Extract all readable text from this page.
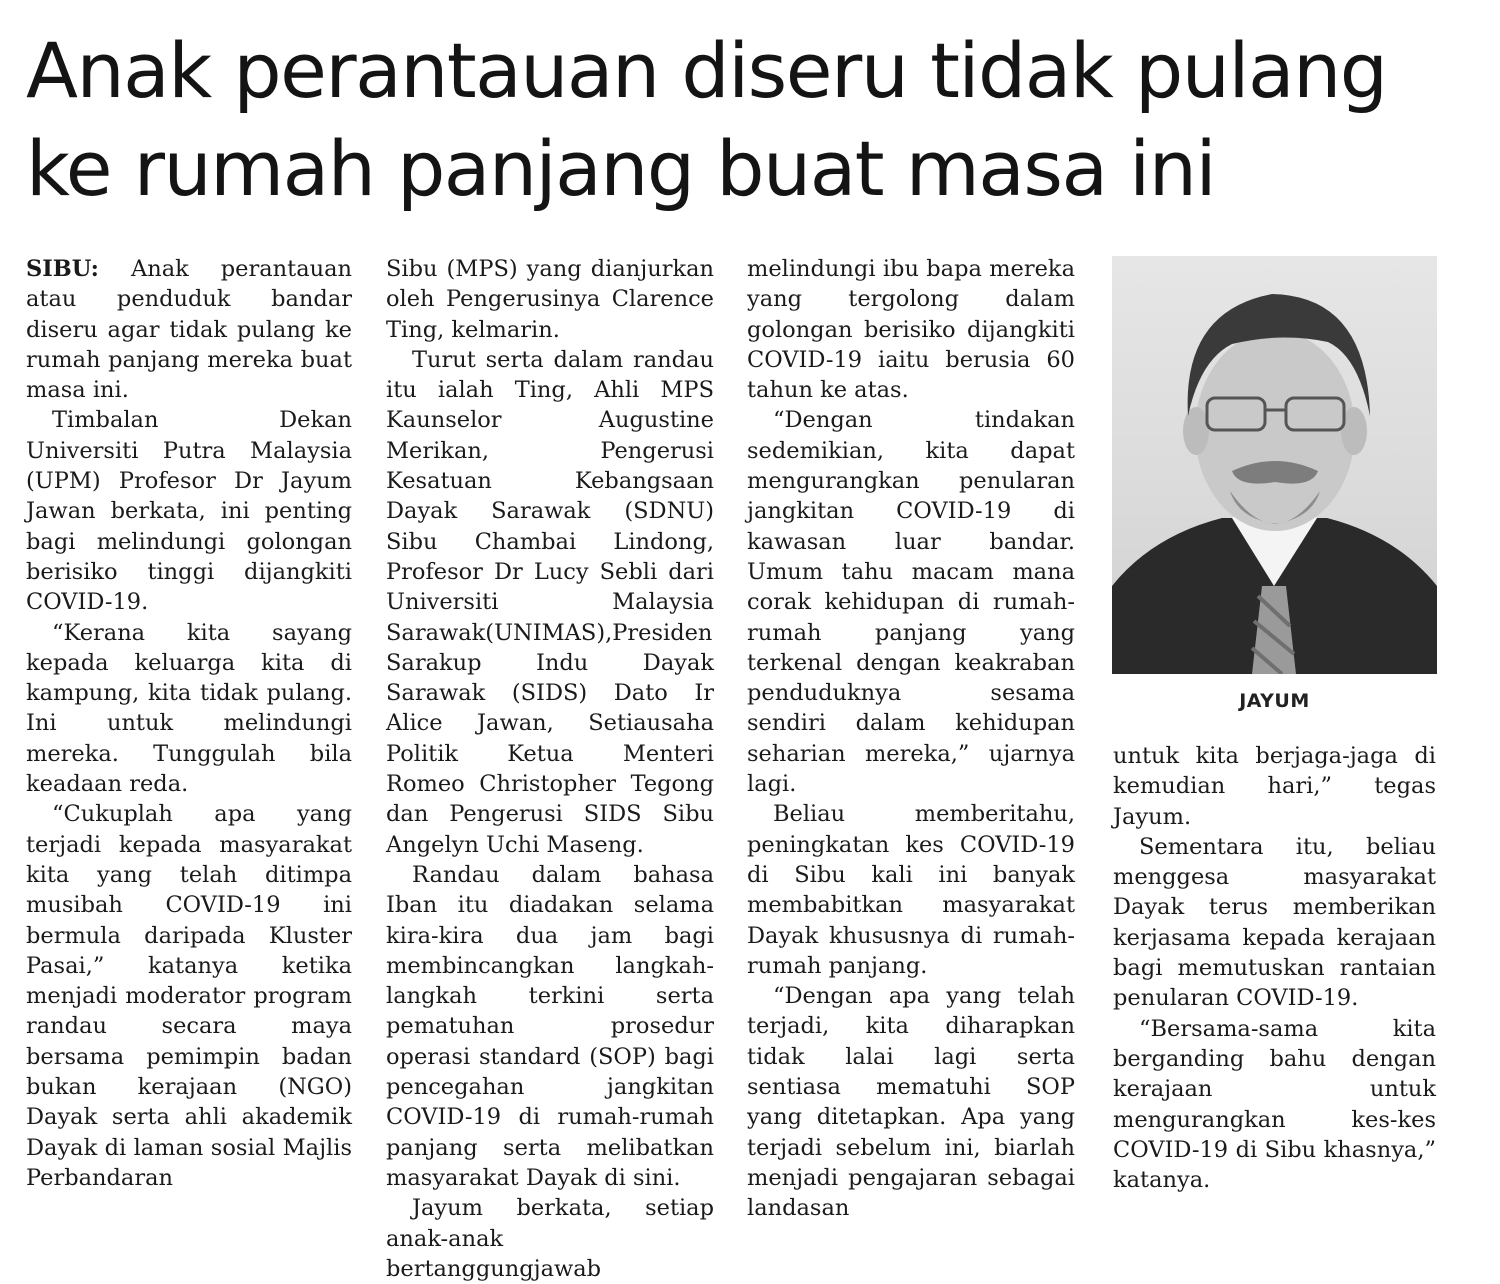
Anak perantauan diseru tidak pulang
ke rumah panjang buat masa ini

SIBU: Anak perantauan atau penduduk bandar diseru agar tidak pulang ke rumah panjang mereka buat masa ini.

Timbalan Dekan Universiti Putra Malaysia (UPM) Profesor Dr Jayum Jawan berkata, ini penting bagi melindungi golongan berisiko tinggi dijangkiti COVID-19.

“Kerana kita sayang kepada keluarga kita di kampung, kita tidak pulang. Ini untuk melindungi mereka. Tunggulah bila keadaan reda.

“Cukuplah apa yang terjadi kepada masyarakat kita yang telah ditimpa musibah COVID-19 ini bermula daripada Kluster Pasai,” katanya ketika menjadi moderator program randau secara maya bersama pemimpin badan bukan kerajaan (NGO) Dayak serta ahli akademik Dayak di laman sosial Majlis Perbandaran

Sibu (MPS) yang dianjurkan oleh Pengerusinya Clarence Ting, kelmarin.

Turut serta dalam randau itu ialah Ting, Ahli MPS Kaunselor Augustine Merikan, Pengerusi Kesatuan Kebangsaan Dayak Sarawak (SDNU) Sibu Chambai Lindong, Profesor Dr Lucy Sebli dari Universiti Malaysia Sarawak(UNIMAS),Presiden Sarakup Indu Dayak Sarawak (SIDS) Dato Ir Alice Jawan, Setiausaha Politik Ketua Menteri Romeo Christopher Tegong dan Pengerusi SIDS Sibu Angelyn Uchi Maseng.

Randau dalam bahasa Iban itu diadakan selama kira-kira dua jam bagi membincangkan langkah-langkah terkini serta pematuhan prosedur operasi standard (SOP) bagi pencegahan jangkitan COVID-19 di rumah-rumah panjang serta melibatkan masyarakat Dayak di sini.

Jayum berkata, setiap anak-anak bertanggungjawab

melindungi ibu bapa mereka yang tergolong dalam golongan berisiko dijangkiti COVID-19 iaitu berusia 60 tahun ke atas.

“Dengan tindakan sedemikian, kita dapat mengurangkan penularan jangkitan COVID-19 di kawasan luar bandar. Umum tahu macam mana corak kehidupan di rumah-rumah panjang yang terkenal dengan keakraban penduduknya sesama sendiri dalam kehidupan seharian mereka,” ujarnya lagi.

Beliau memberitahu, peningkatan kes COVID-19 di Sibu kali ini banyak membabitkan masyarakat Dayak khususnya di rumah-rumah panjang.

“Dengan apa yang telah terjadi, kita diharapkan tidak lalai lagi serta sentiasa mematuhi SOP yang ditetapkan. Apa yang terjadi sebelum ini, biarlah menjadi pengajaran sebagai landasan

JAYUM

untuk kita berjaga-jaga di kemudian hari,” tegas Jayum.

Sementara itu, beliau menggesa masyarakat Dayak terus memberikan kerjasama kepada kerajaan bagi memutuskan rantaian penularan COVID-19.

“Bersama-sama kita berganding bahu dengan kerajaan untuk mengurangkan kes-kes COVID-19 di Sibu khasnya,” katanya.
